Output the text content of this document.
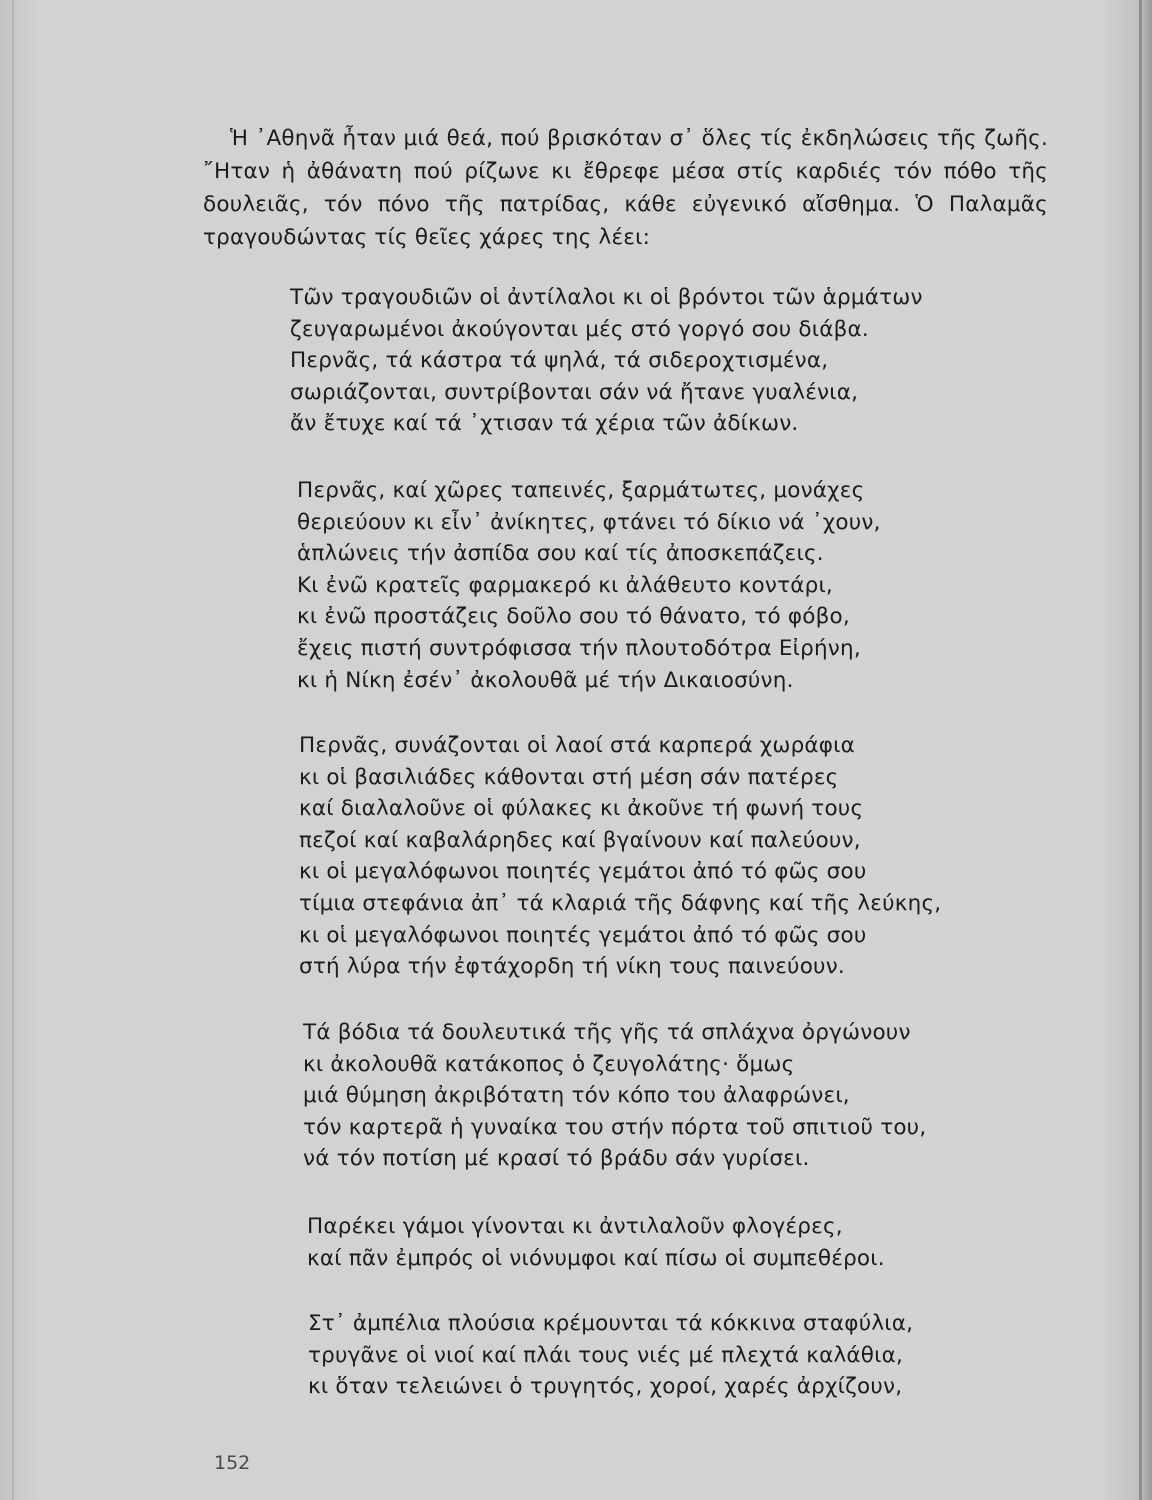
Ἡ ᾽Αθηνᾶ ἦταν μιά θεά, πού βρισκόταν σ᾽ ὅλες τίς ἐκδηλώσεις τῆς ζωῆς. ῎Ηταν ἡ ἀθάνατη πού ρίζωνε κι ἔθρεφε μέσα στίς καρδιές τόν πόθο τῆς δουλειᾶς, τόν πόνο τῆς πατρίδας, κάθε εὐγενικό αἴσθημα. Ὁ Παλαμᾶς τραγουδώντας τίς θεῖες χάρες της λέει:

Τῶν τραγουδιῶν οἱ ἀντίλαλοι κι οἱ βρόντοι τῶν ἁρμάτων
ζευγαρωμένοι ἀκούγονται μές στό γοργό σου διάβα.
Περνᾶς, τά κάστρα τά ψηλά, τά σιδεροχτισμένα,
σωριάζονται, συντρίβονται σάν νά ἤτανε γυαλένια,
ἄν ἔτυχε καί τά ᾽χτισαν τά χέρια τῶν ἀδίκων.
Περνᾶς, καί χῶρες ταπεινές, ξαρμάτωτες, μονάχες
θεριεύουν κι εἶν᾽ ἀνίκητες, φτάνει τό δίκιο νά ᾽χουν,
ἁπλώνεις τήν ἀσπίδα σου καί τίς ἀποσκεπάζεις.
Κι ἐνῶ κρατεῖς φαρμακερό κι ἀλάθευτο κοντάρι,
κι ἐνῶ προστάζεις δοῦλο σου τό θάνατο, τό φόβο,
ἔχεις πιστή συντρόφισσα τήν πλουτοδότρα Εἰρήνη,
κι ἡ Νίκη ἐσέν᾽ ἀκολουθᾶ μέ τήν Δικαιοσύνη.
Περνᾶς, συνάζονται οἱ λαοί στά καρπερά χωράφια
κι οἱ βασιλιάδες κάθονται στή μέση σάν πατέρες
καί διαλαλοῦνε οἱ φύλακες κι ἀκοῦνε τή φωνή τους
πεζοί καί καβαλάρηδες καί βγαίνουν καί παλεύουν,
κι οἱ μεγαλόφωνοι ποιητές γεμάτοι ἀπό τό φῶς σου
τίμια στεφάνια ἀπ᾽ τά κλαριά τῆς δάφνης καί τῆς λεύκης,
κι οἱ μεγαλόφωνοι ποιητές γεμάτοι ἀπό τό φῶς σου
στή λύρα τήν ἐφτάχορδη τή νίκη τους παινεύουν.
Τά βόδια τά δουλευτικά τῆς γῆς τά σπλάχνα ὀργώνουν
κι ἀκολουθᾶ κατάκοπος ὁ ζευγολάτης· ὅμως
μιά θύμηση ἀκριβότατη τόν κόπο του ἀλαφρώνει,
τόν καρτερᾶ ἡ γυναίκα του στήν πόρτα τοῦ σπιτιοῦ του,
νά τόν ποτίση μέ κρασί τό βράδυ σάν γυρίσει.
Παρέκει γάμοι γίνονται κι ἀντιλαλοῦν φλογέρες,
καί πᾶν ἐμπρός οἱ νιόνυμφοι καί πίσω οἱ συμπεθέροι.
Στ᾽ ἀμπέλια πλούσια κρέμουνται τά κόκκινα σταφύλια,
τρυγᾶνε οἱ νιοί καί πλάι τους νιές μέ πλεχτά καλάθια,
κι ὅταν τελειώνει ὁ τρυγητός, χοροί, χαρές ἀρχίζουν,
152
